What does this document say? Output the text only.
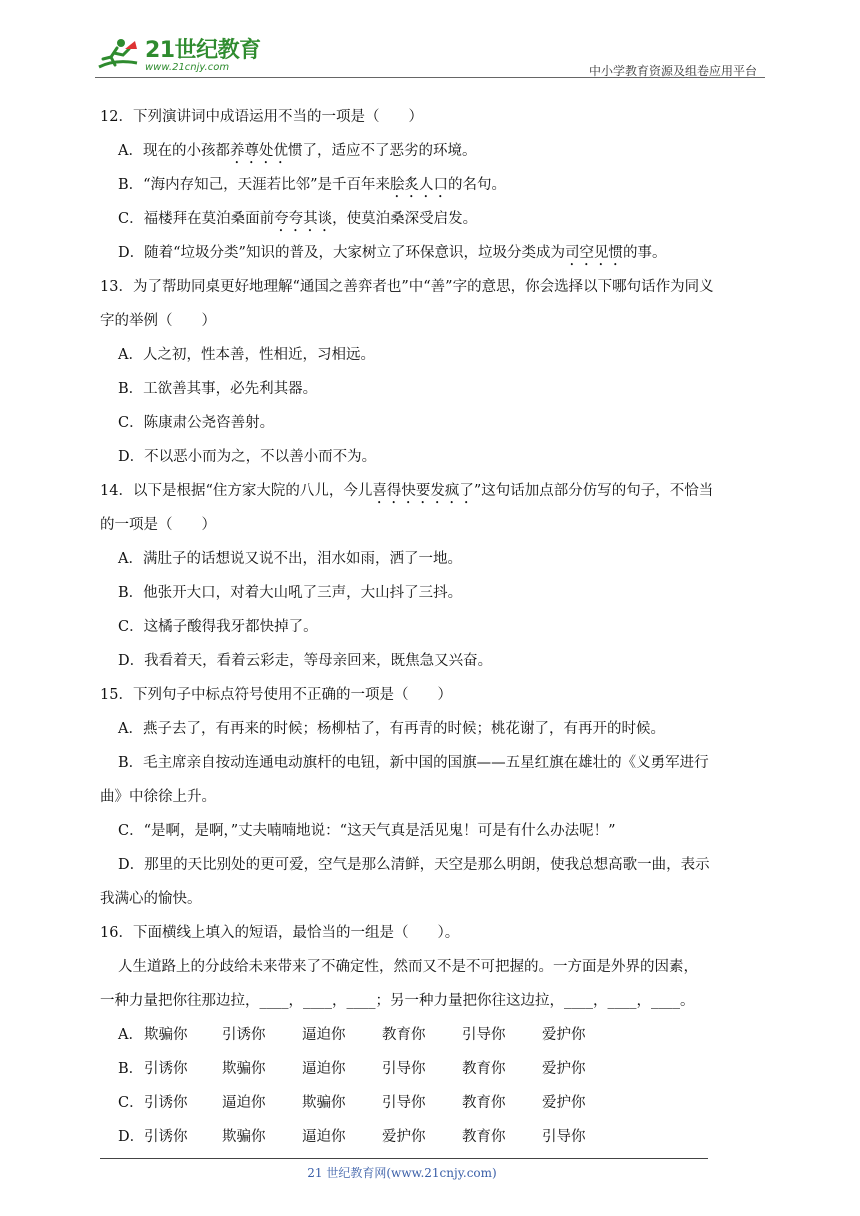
21世纪教育
www.21cnjy.com	中小学教育资源及组卷应用平台
12．下列演讲词中成语运用不当的一项是（　　）
A．现在的小孩都养尊处优惯了，适应不了恶劣的环境。
B．“海内存知己，天涯若比邻”是千百年来脍炙人口的名句。
C．福楼拜在莫泊桑面前夸夸其谈，使莫泊桑深受启发。
D．随着“垃圾分类”知识的普及，大家树立了环保意识，垃圾分类成为司空见惯的事。
13．为了帮助同桌更好地理解“通国之善弈者也”中“善”字的意思，你会选择以下哪句话作为同义
字的举例（　　）
A．人之初，性本善，性相近，习相远。
B．工欲善其事，必先利其器。
C．陈康肃公尧咨善射。
D．不以恶小而为之，不以善小而不为。
14．以下是根据“住方家大院的八儿，今儿喜得快要发疯了”这句话加点部分仿写的句子，不恰当
的一项是（　　）
A．满肚子的话想说又说不出，泪水如雨，洒了一地。
B．他张开大口，对着大山吼了三声，大山抖了三抖。
C．这橘子酸得我牙都快掉了。
D．我看着天，看着云彩走，等母亲回来，既焦急又兴奋。
15．下列句子中标点符号使用不正确的一项是（　　）
A．燕子去了，有再来的时候；杨柳枯了，有再青的时候；桃花谢了，有再开的时候。
B．毛主席亲自按动连通电动旗杆的电钮，新中国的国旗——五星红旗在雄壮的《义勇军进行
曲》中徐徐上升。
C．“是啊，是啊，”丈夫喃喃地说：“这天气真是活见鬼！可是有什么办法呢！”
D．那里的天比别处的更可爱，空气是那么清鲜，天空是那么明朗，使我总想高歌一曲，表示
我满心的愉快。
16．下面横线上填入的短语，最恰当的一组是（　　）。
人生道路上的分歧给未来带来了不确定性，然而又不是不可把握的。一方面是外界的因素，
一种力量把你往那边拉，____，____，____；另一种力量把你往这边拉，____，____，____。
A．欺骗你 引诱你	逼迫你	教育你	引导你	爱护你
B．引诱你 欺骗你	逼迫你	引导你	教育你	爱护你
C．引诱你 逼迫你	欺骗你	引导你	教育你	爱护你
D．引诱你 欺骗你	逼迫你	爱护你	教育你	引导你
21 世纪教育网(www.21cnjy.com)
